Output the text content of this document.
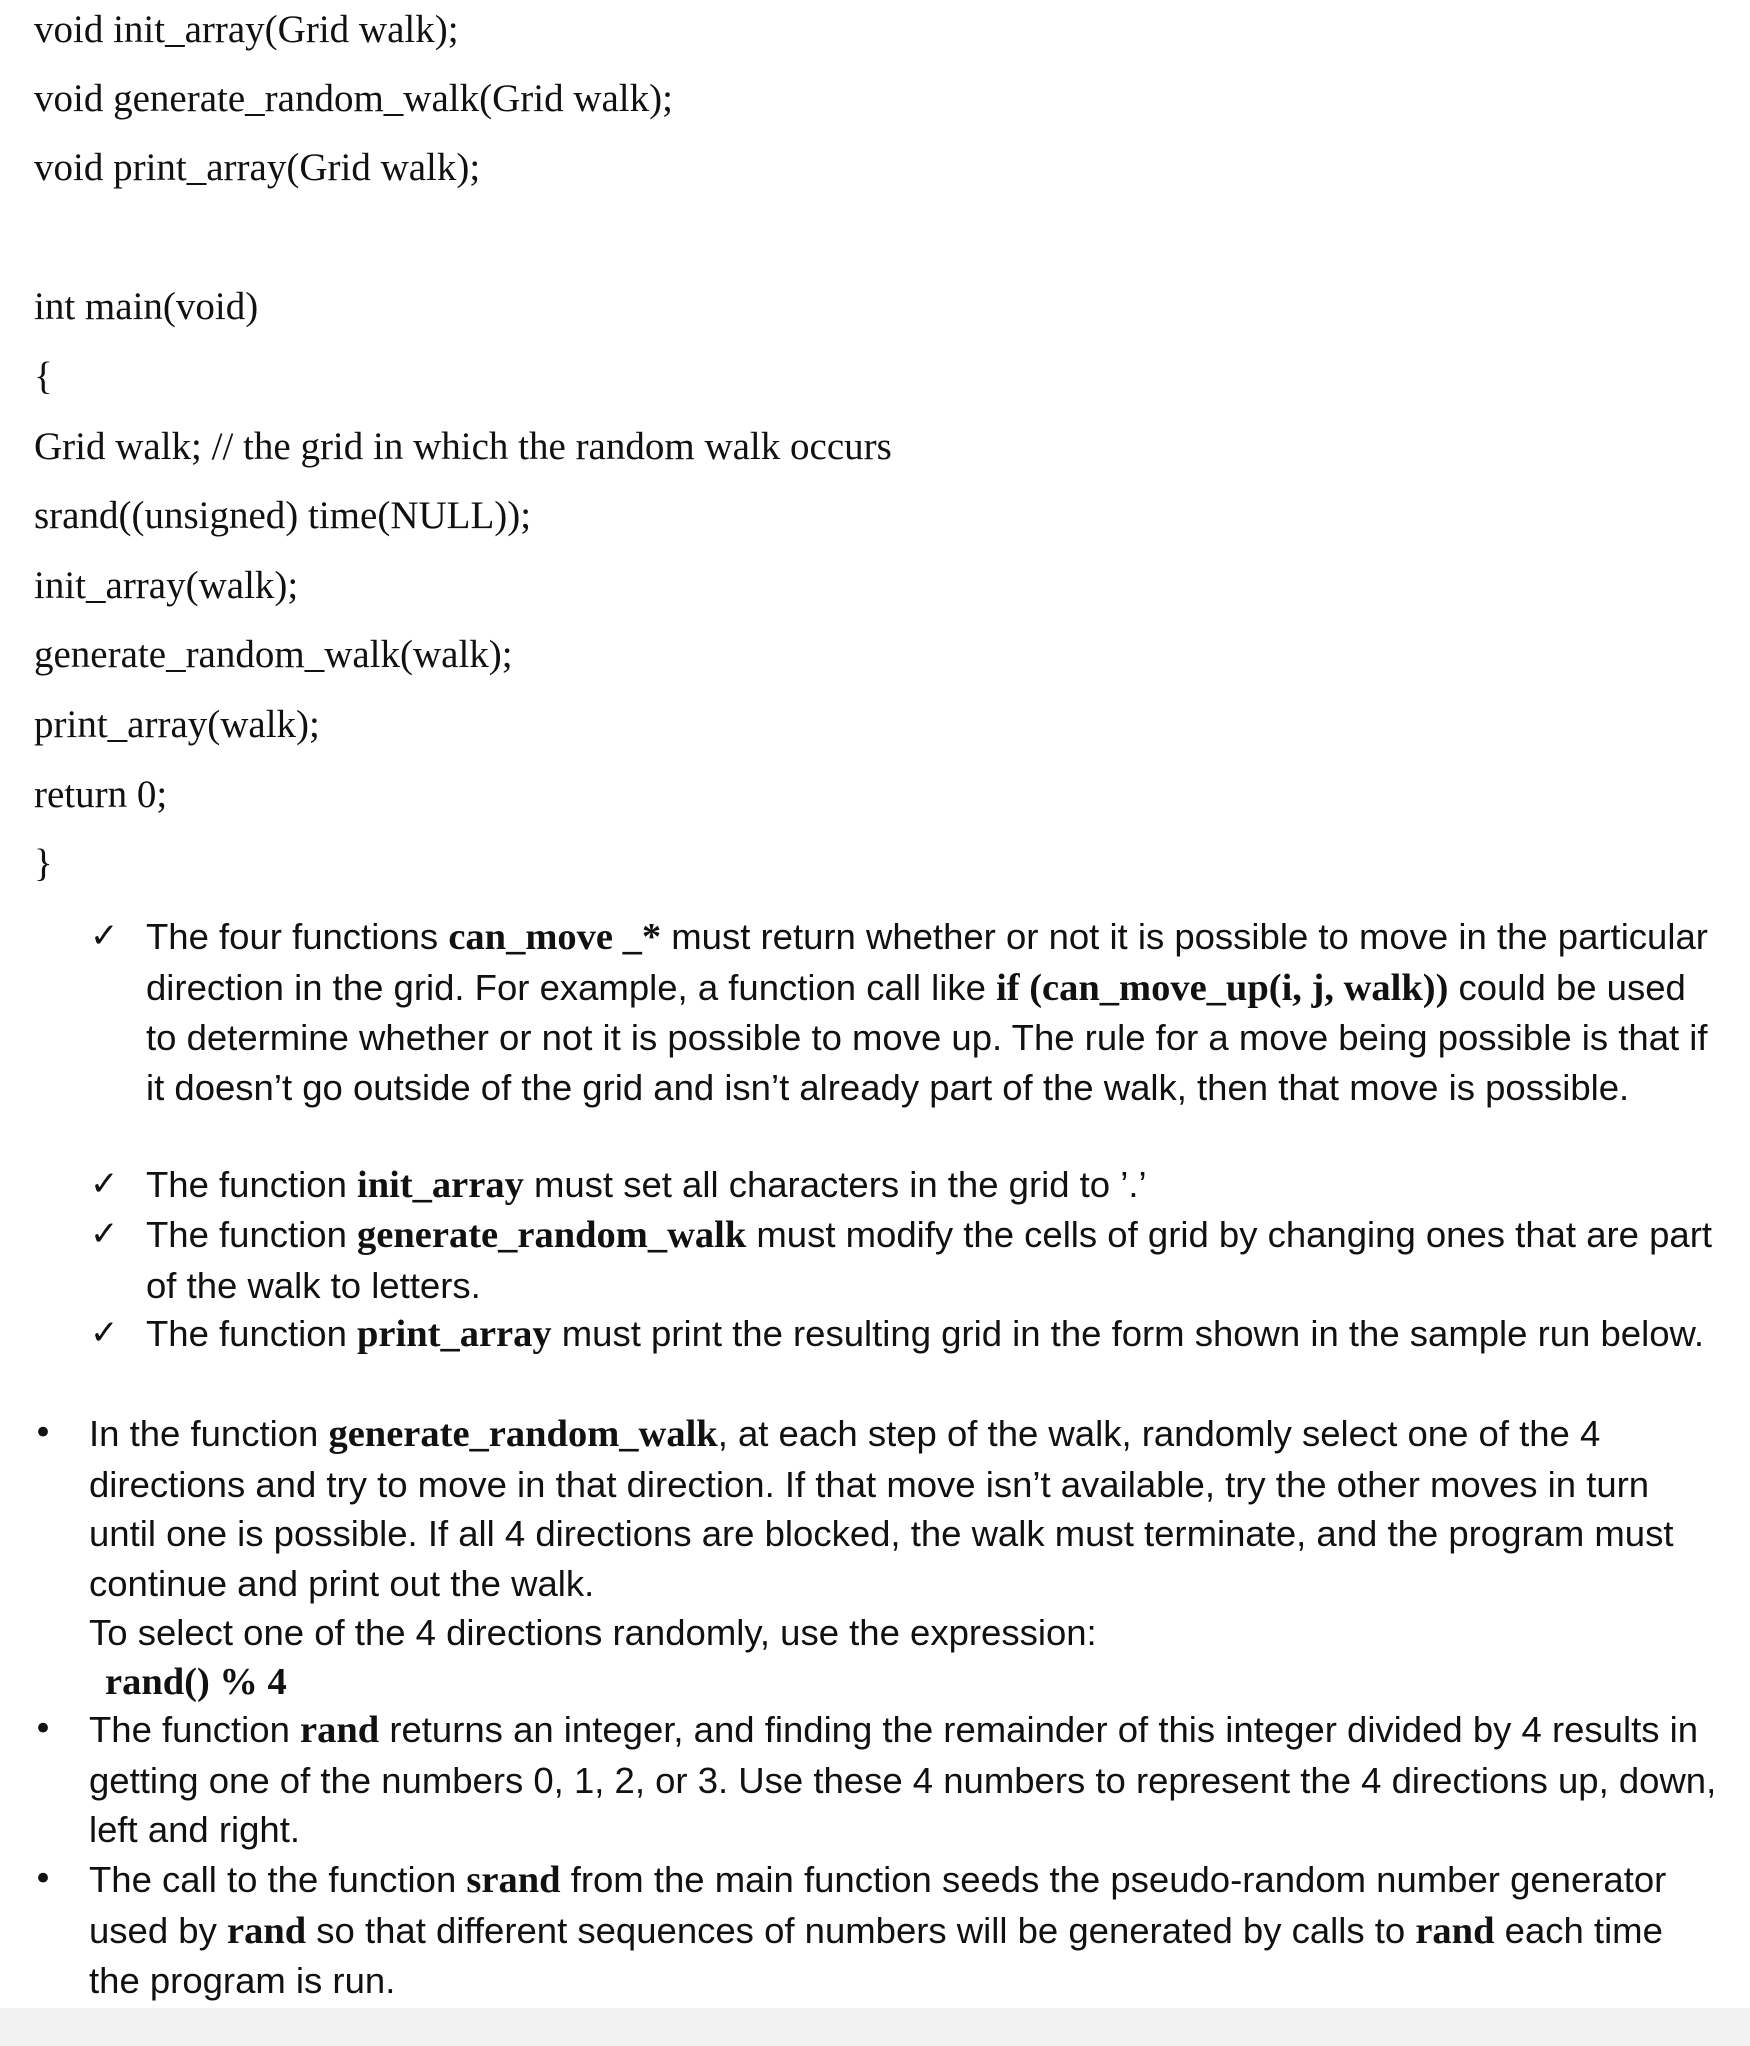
void init_array(Grid walk);
void generate_random_walk(Grid walk);
void print_array(Grid walk);
int main(void)
{
Grid walk; // the grid in which the random walk occurs
srand((unsigned) time(NULL));
init_array(walk);
generate_random_walk(walk);
print_array(walk);
return 0;
}
✓ The four functions can_move _* must return whether or not it is possible to move in the particular direction in the grid. For example, a function call like if (can_move_up(i, j, walk)) could be used to determine whether or not it is possible to move up. The rule for a move being possible is that if it doesn’t go outside of the grid and isn’t already part of the walk, then that move is possible.
✓ The function init_array must set all characters in the grid to ’.’
✓ The function generate_random_walk must modify the cells of grid by changing ones that are part of the walk to letters.
✓ The function print_array must print the resulting grid in the form shown in the sample run below.
• In the function generate_random_walk, at each step of the walk, randomly select one of the 4 directions and try to move in that direction. If that move isn’t available, try the other moves in turn until one is possible. If all 4 directions are blocked, the walk must terminate, and the program must continue and print out the walk.
To select one of the 4 directions randomly, use the expression:
rand() % 4
• The function rand returns an integer, and finding the remainder of this integer divided by 4 results in getting one of the numbers 0, 1, 2, or 3. Use these 4 numbers to represent the 4 directions up, down, left and right.
• The call to the function srand from the main function seeds the pseudo-random number generator used by rand so that different sequences of numbers will be generated by calls to rand each time the program is run.
